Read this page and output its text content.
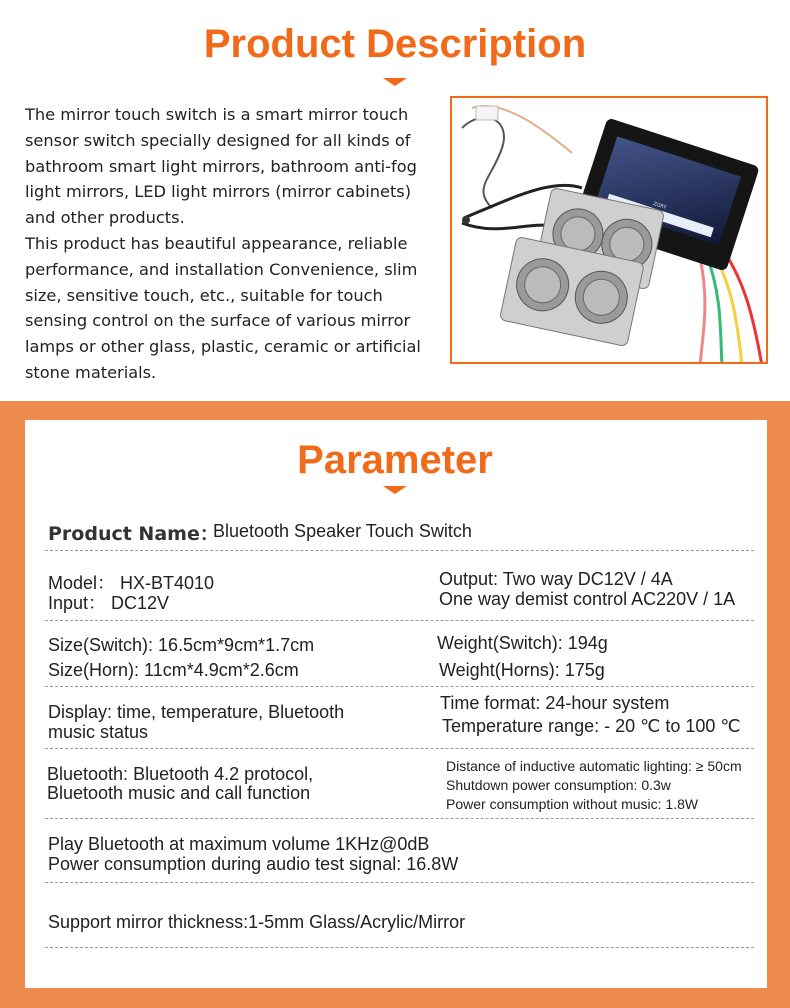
Product Description

The mirror touch switch is a smart mirror touch sensor switch specially designed for all kinds of bathroom smart light mirrors, bathroom anti-fog light mirrors, LED light mirrors (mirror cabinets) and other products.

This product has beautiful appearance, reliable performance, and installation Convenience, slim size, sensitive touch, etc., suitable for touch sensing control on the surface of various mirror lamps or other glass, plastic, ceramic or artificial stone materials.

ZORY
Parameter
Product Name：
Bluetooth Speaker Touch Switch
Model： HX-BT4010
Input： DC12V
Output: Two way DC12V / 4A
One way demist control AC220V / 1A
Size(Switch): 16.5cm*9cm*1.7cm
Size(Horn): 11cm*4.9cm*2.6cm
Weight(Switch): 194g
Weight(Horns): 175g
Display: time, temperature, Bluetooth
music status
Time format: 24-hour system
Temperature range: - 20 ℃ to 100 ℃
Bluetooth: Bluetooth 4.2 protocol,
Bluetooth music and call function
Distance of inductive automatic lighting: ≥ 50cm
Shutdown power consumption: 0.3w
Power consumption without music: 1.8W
Play Bluetooth at maximum volume 1KHz@0dB
Power consumption during audio test signal: 16.8W
Support mirror thickness:1-5mm Glass/Acrylic/Mirror
